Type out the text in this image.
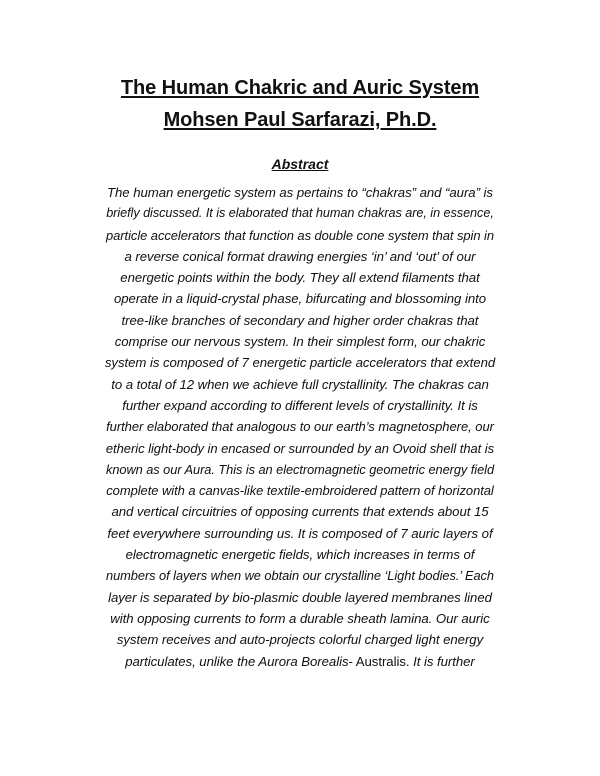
The Human Chakric and Auric System
Mohsen Paul Sarfarazi, Ph.D.
Abstract
The human energetic system as pertains to “chakras” and “aura” is
briefly discussed. It is elaborated that human chakras are, in essence,
particle accelerators that function as double cone system that spin in
a reverse conical format drawing energies ‘in’ and ‘out’ of our
energetic points within the body. They all extend filaments that
operate in a liquid-crystal phase, bifurcating and blossoming into
tree-like branches of secondary and higher order chakras that
comprise our nervous system. In their simplest form, our chakric
system is composed of 7 energetic particle accelerators that extend
to a total of 12 when we achieve full crystallinity. The chakras can
further expand according to different levels of crystallinity. It is
further elaborated that analogous to our earth’s magnetosphere, our
etheric light-body in encased or surrounded by an Ovoid shell that is
known as our Aura. This is an electromagnetic geometric energy field
complete with a canvas-like textile-embroidered pattern of horizontal
and vertical circuitries of opposing currents that extends about 15
feet everywhere surrounding us. It is composed of 7 auric layers of
electromagnetic energetic fields, which increases in terms of
numbers of layers when we obtain our crystalline ‘Light bodies.’ Each
layer is separated by bio-plasmic double layered membranes lined
with opposing currents to form a durable sheath lamina. Our auric
system receives and auto-projects colorful charged light energy
particulates, unlike the Aurora Borealis- Australis. It is further
